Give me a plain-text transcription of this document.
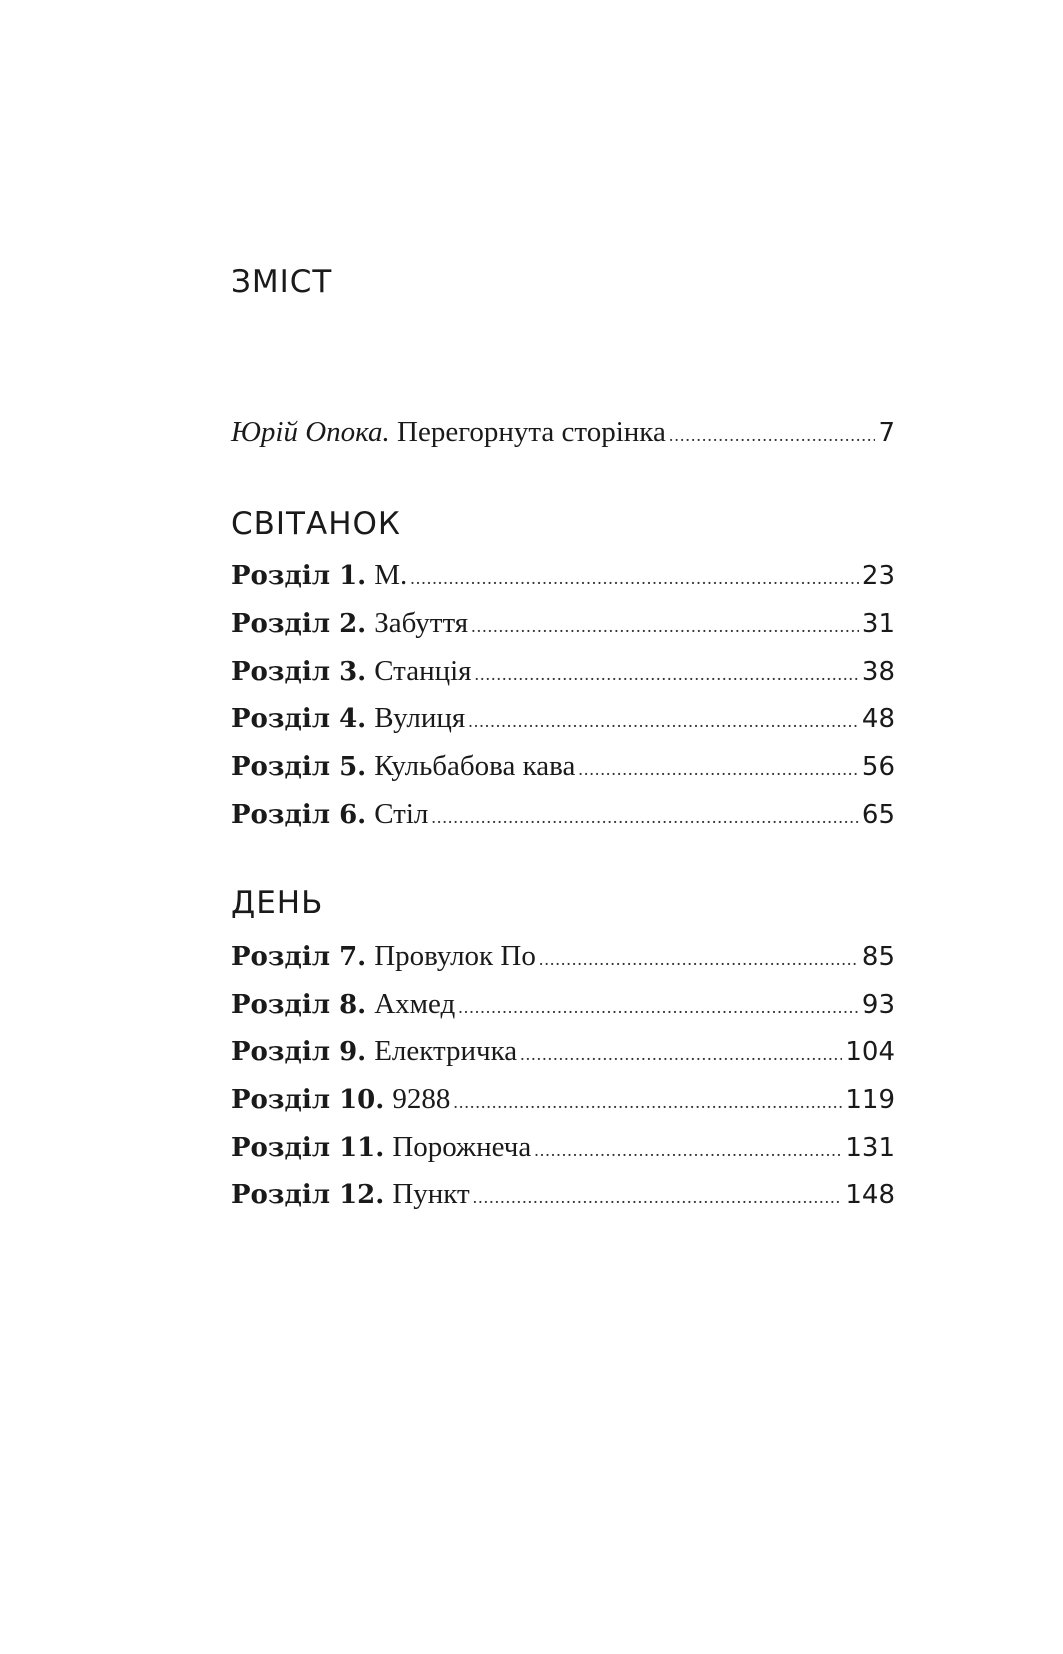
ЗМІСТ
Юрій Опока. Перегорнута сторінка .....	7
СВІТАНОК
Розділ 1. М. .....	23
Розділ 2. Забуття .....	31
Розділ 3. Станція .....	38
Розділ 4. Вулиця .....	48
Розділ 5. Кульбабова кава .....	56
Розділ 6. Стіл .....	65
ДЕНЬ
Розділ 7. Провулок По .....	85
Розділ 8. Ахмед .....	93
Розділ 9. Електричка .....	104
Розділ 10. 9288 .....	119
Розділ 11. Порожнеча .....	131
Розділ 12. Пункт .....	148
